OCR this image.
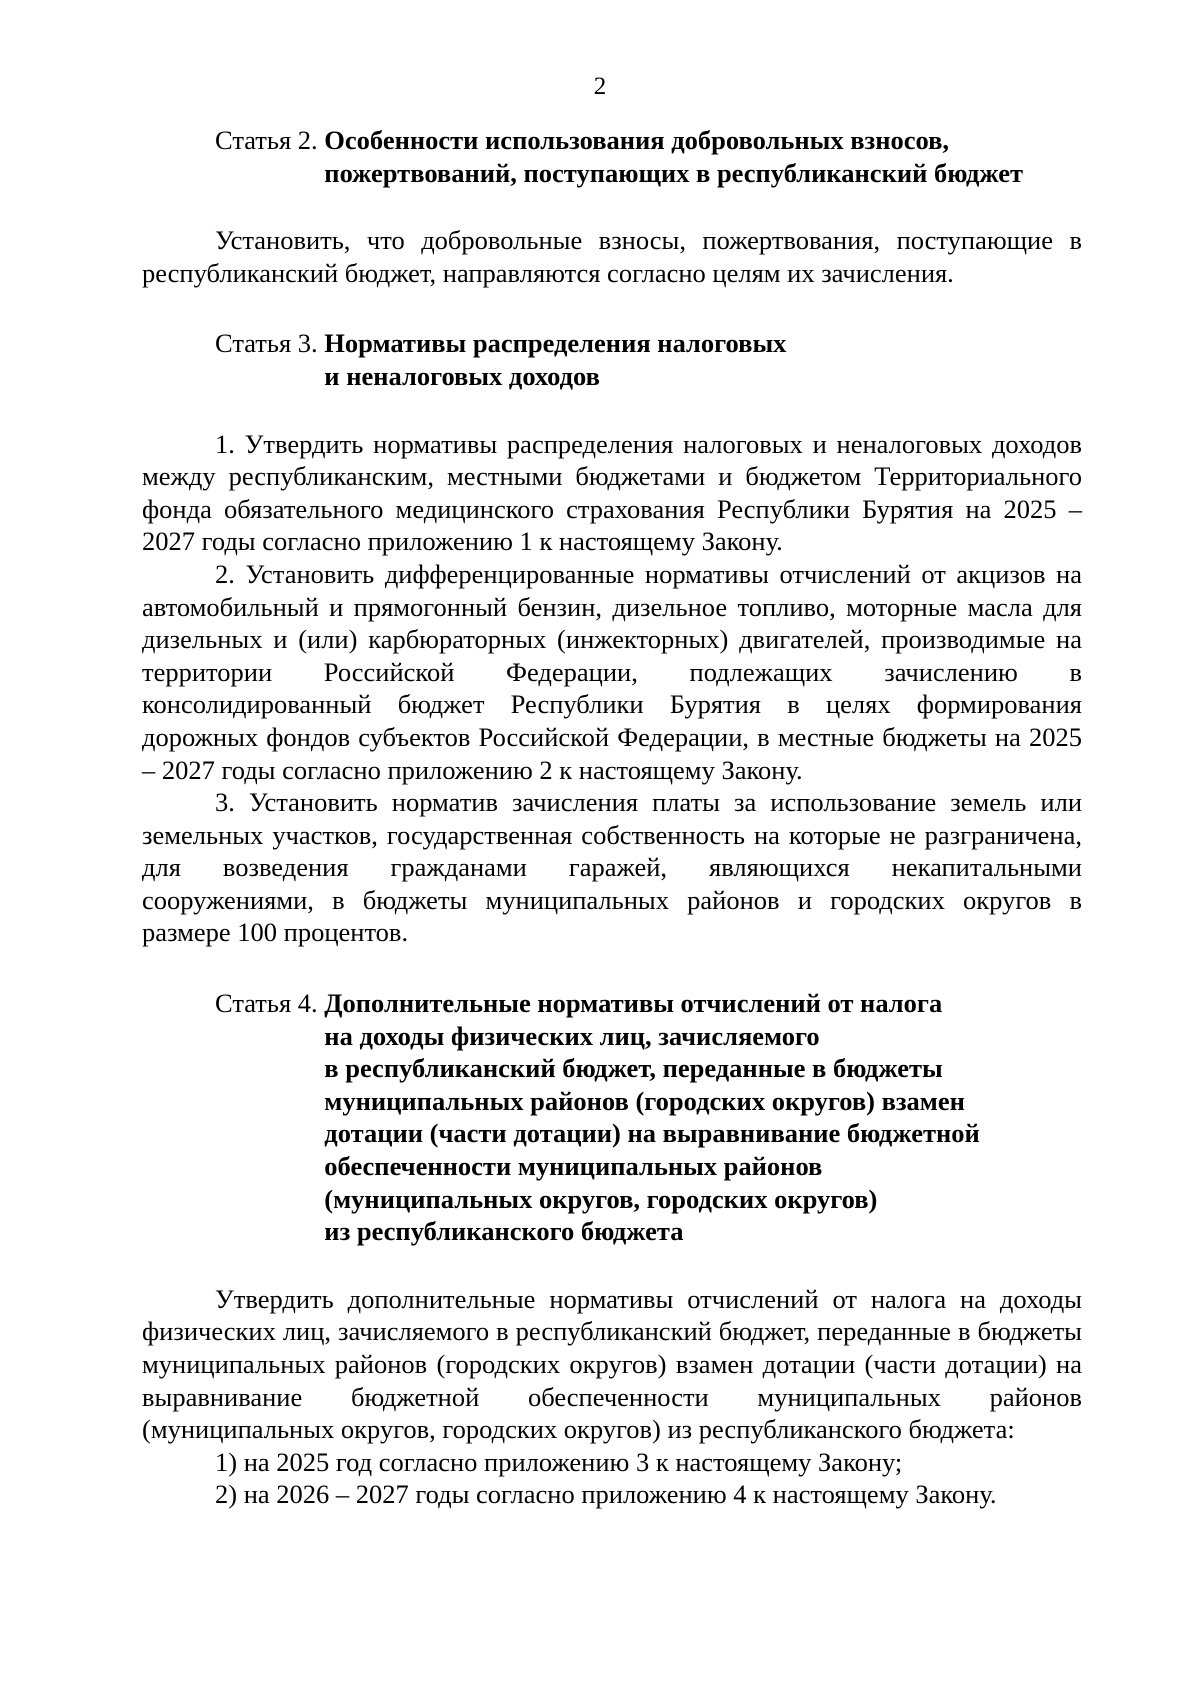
2
Статья 2. Особенности использования добровольных взносов,
пожертвований, поступающих в республиканский бюджет

Установить, что добровольные взносы, пожертвования, поступающие в республиканский бюджет, направляются согласно целям их зачисления.

Статья 3. Нормативы распределения налоговых
и неналоговых доходов

1. Утвердить нормативы распределения налоговых и неналоговых доходов между республиканским, местными бюджетами и бюджетом Территориального фонда обязательного медицинского страхования Республики Бурятия на 2025 – 2027 годы согласно приложению 1 к настоящему Закону.

2. Установить дифференцированные нормативы отчислений от акцизов на автомобильный и прямогонный бензин, дизельное топливо, моторные масла для дизельных и (или) карбюраторных (инжекторных) двигателей, производимые на территории Российской Федерации, подлежащих зачислению в консолидированный бюджет Республики Бурятия в целях формирования дорожных фондов субъектов Российской Федерации, в местные бюджеты на 2025 – 2027 годы согласно приложению 2 к настоящему Закону.

3. Установить норматив зачисления платы за использование земель или земельных участков, государственная собственность на которые не разграничена, для возведения гражданами гаражей, являющихся некапитальными сооружениями, в бюджеты муниципальных районов и городских округов в размере 100 процентов.

Статья 4. Дополнительные нормативы отчислений от налога
на доходы физических лиц, зачисляемого
в республиканский бюджет, переданные в бюджеты
муниципальных районов (городских округов) взамен
дотации (части дотации) на выравнивание бюджетной
обеспеченности муниципальных районов
(муниципальных округов, городских округов)
из республиканского бюджета

Утвердить дополнительные нормативы отчислений от налога на доходы физических лиц, зачисляемого в республиканский бюджет, переданные в бюджеты муниципальных районов (городских округов) взамен дотации (части дотации) на выравнивание бюджетной обеспеченности муниципальных районов (муниципальных округов, городских округов) из республиканского бюджета:

1) на 2025 год согласно приложению 3 к настоящему Закону;

2) на 2026 – 2027 годы согласно приложению 4 к настоящему Закону.
